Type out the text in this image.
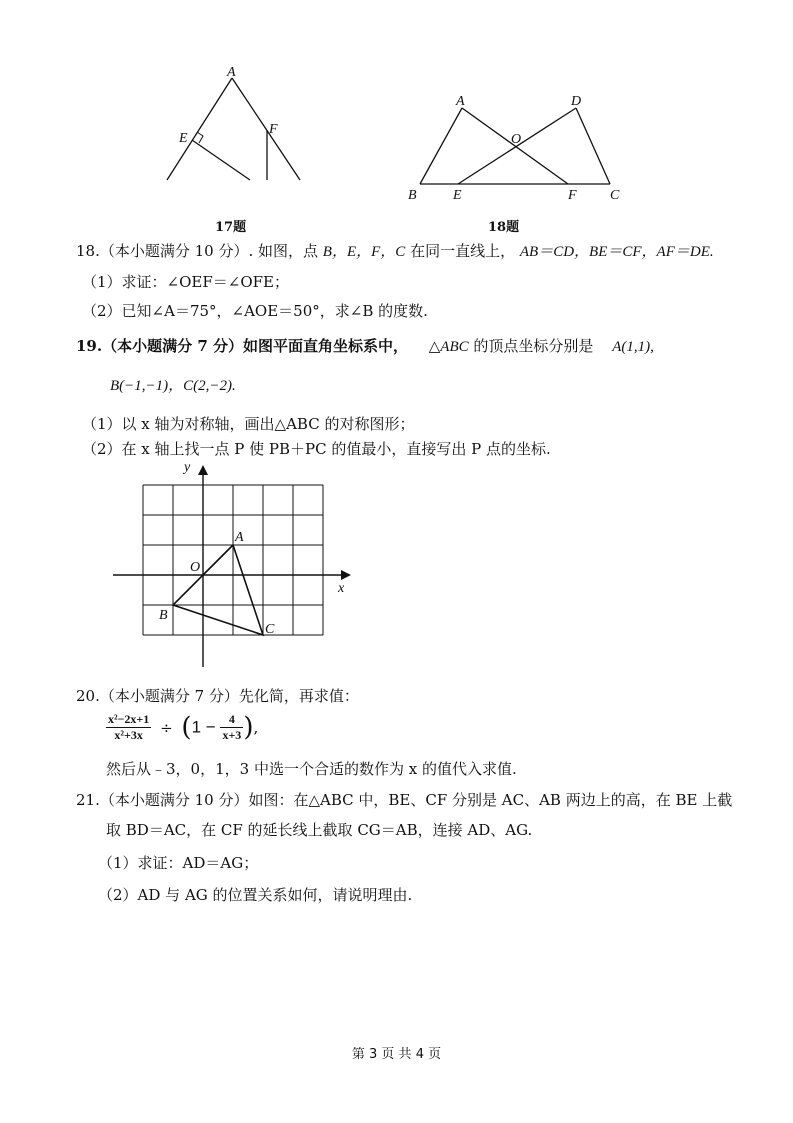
A
E
F
17题
A	D
O
B	E	F C
18题
18.（本小题满分 10 分）. 如图，点 B，E，F，C 在同一直线上， AB＝CD，BE＝CF，AF＝DE.
（1）求证：∠OEF＝∠OFE；
（2）已知∠A＝75°，∠AOE＝50°，求∠B 的度数.
19.（本小题满分 7 分）如图平面直角坐标系中， △ABC 的顶点坐标分别是 A(1,1),
B(−1,−1)，C(2,−2).
（1）以 x 轴为对称轴，画出△ABC 的对称图形；
（2）在 x 轴上找一点 P 使 PB＋PC 的值最小，直接写出 P 点的坐标.
y
x
O
A
B
C
20.（本小题满分 7 分）先化简，再求值：
$\frac{\text{x²−2x+1}}{\text{x²+3x}} \div (1 - \frac{4}{x+3}$ ),
然后从﹣3，0，1，3 中选一个合适的数作为 x 的值代入求值.
21.（本小题满分 10 分）如图：在△ABC 中，BE、CF 分别是 AC、AB 两边上的高，在 BE 上截
取 BD＝AC，在 CF 的延长线上截取 CG＝AB，连接 AD、AG.
（1）求证：AD＝AG；
（2）AD 与 AG 的位置关系如何，请说明理由.
第 3 页 共 4 页
